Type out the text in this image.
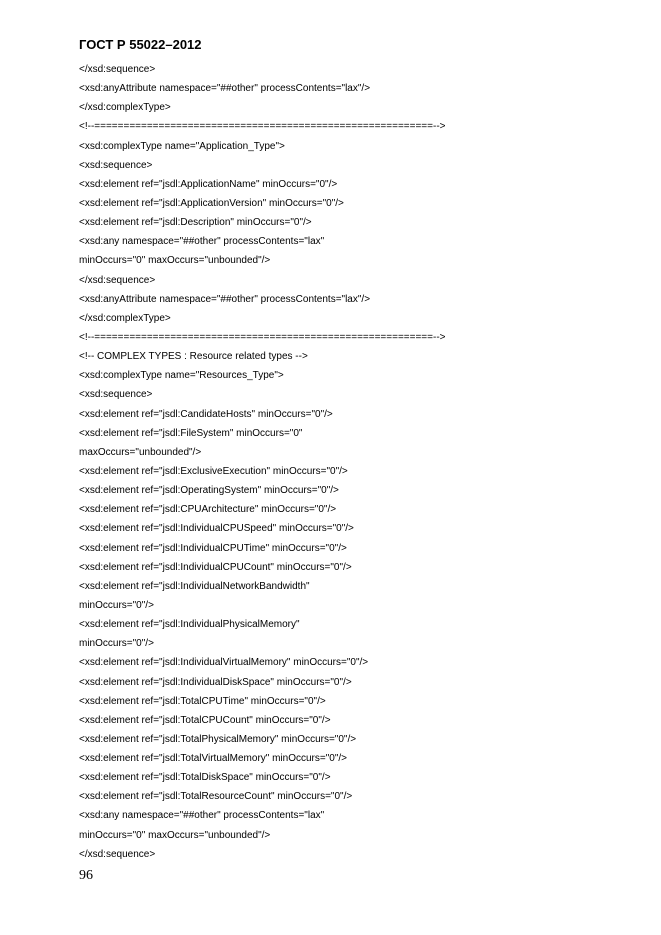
ГОСТ Р 55022–2012
</xsd:sequence>
<xsd:anyAttribute namespace="##other" processContents="lax"/>
</xsd:complexType>
<!--==========================================================-->
<xsd:complexType name="Application_Type">
<xsd:sequence>
<xsd:element ref="jsdl:ApplicationName" minOccurs="0"/>
<xsd:element ref="jsdl:ApplicationVersion" minOccurs="0"/>
<xsd:element ref="jsdl:Description" minOccurs="0"/>
<xsd:any namespace="##other" processContents="lax"
minOccurs="0" maxOccurs="unbounded"/>
</xsd:sequence>
<xsd:anyAttribute namespace="##other" processContents="lax"/>
</xsd:complexType>
<!--==========================================================-->
<!-- COMPLEX TYPES : Resource related types -->
<xsd:complexType name="Resources_Type">
<xsd:sequence>
<xsd:element ref="jsdl:CandidateHosts" minOccurs="0"/>
<xsd:element ref="jsdl:FileSystem" minOccurs="0"
maxOccurs="unbounded"/>
<xsd:element ref="jsdl:ExclusiveExecution" minOccurs="0"/>
<xsd:element ref="jsdl:OperatingSystem" minOccurs="0"/>
<xsd:element ref="jsdl:CPUArchitecture" minOccurs="0"/>
<xsd:element ref="jsdl:IndividualCPUSpeed" minOccurs="0"/>
<xsd:element ref="jsdl:IndividualCPUTime" minOccurs="0"/>
<xsd:element ref="jsdl:IndividualCPUCount" minOccurs="0"/>
<xsd:element ref="jsdl:IndividualNetworkBandwidth"
minOccurs="0"/>
<xsd:element ref="jsdl:IndividualPhysicalMemory"
minOccurs="0"/>
<xsd:element ref="jsdl:IndividualVirtualMemory" minOccurs="0"/>
<xsd:element ref="jsdl:IndividualDiskSpace" minOccurs="0"/>
<xsd:element ref="jsdl:TotalCPUTime" minOccurs="0"/>
<xsd:element ref="jsdl:TotalCPUCount" minOccurs="0"/>
<xsd:element ref="jsdl:TotalPhysicalMemory" minOccurs="0"/>
<xsd:element ref="jsdl:TotalVirtualMemory" minOccurs="0"/>
<xsd:element ref="jsdl:TotalDiskSpace" minOccurs="0"/>
<xsd:element ref="jsdl:TotalResourceCount" minOccurs="0"/>
<xsd:any namespace="##other" processContents="lax"
minOccurs="0" maxOccurs="unbounded"/>
</xsd:sequence>
96
